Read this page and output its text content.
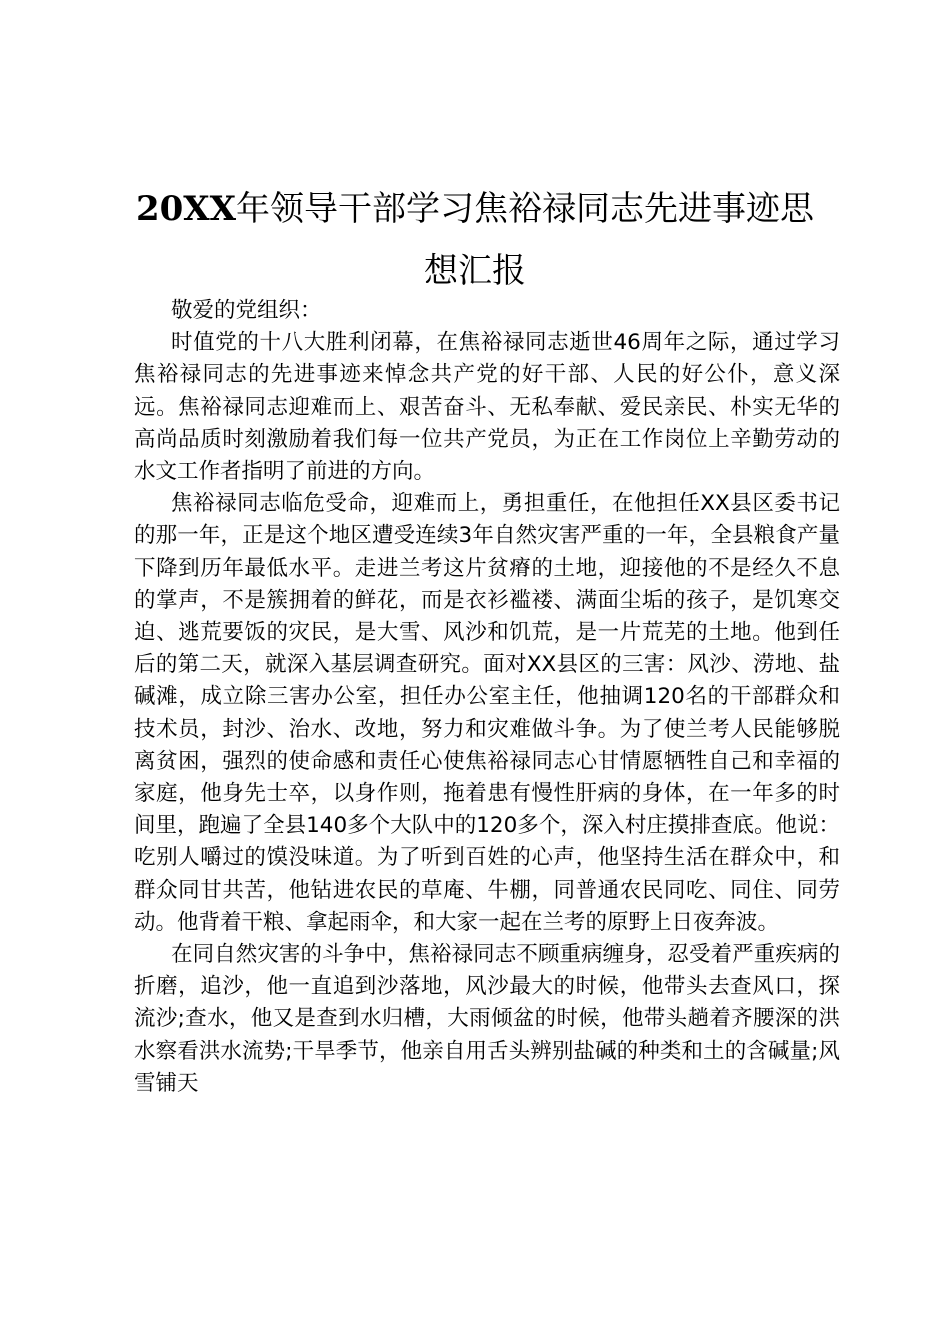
20XX年领导干部学习焦裕禄同志先进事迹思想汇报

敬爱的党组织：

时值党的十八大胜利闭幕，在焦裕禄同志逝世46周年之际，通过学习焦裕禄同志的先进事迹来悼念共产党的好干部、人民的好公仆，意义深远。焦裕禄同志迎难而上、艰苦奋斗、无私奉献、爱民亲民、朴实无华的高尚品质时刻激励着我们每一位共产党员，为正在工作岗位上辛勤劳动的水文工作者指明了前进的方向。

焦裕禄同志临危受命，迎难而上，勇担重任，在他担任XX县区委书记的那一年，正是这个地区遭受连续3年自然灾害严重的一年，全县粮食产量下降到历年最低水平。走进兰考这片贫瘠的土地，迎接他的不是经久不息的掌声，不是簇拥着的鲜花，而是衣衫褴褛、满面尘垢的孩子，是饥寒交迫、逃荒要饭的灾民，是大雪、风沙和饥荒，是一片荒芜的土地。他到任后的第二天，就深入基层调查研究。面对XX县区的三害：风沙、涝地、盐碱滩，成立除三害办公室，担任办公室主任，他抽调120名的干部群众和技术员，封沙、治水、改地，努力和灾难做斗争。为了使兰考人民能够脱离贫困，强烈的使命感和责任心使焦裕禄同志心甘情愿牺牲自己和幸福的家庭，他身先士卒，以身作则，拖着患有慢性肝病的身体，在一年多的时间里，跑遍了全县140多个大队中的120多个，深入村庄摸排查底。他说：吃别人嚼过的馍没味道。为了听到百姓的心声，他坚持生活在群众中，和群众同甘共苦，他钻进农民的草庵、牛棚，同普通农民同吃、同住、同劳动。他背着干粮、拿起雨伞，和大家一起在兰考的原野上日夜奔波。

在同自然灾害的斗争中，焦裕禄同志不顾重病缠身，忍受着严重疾病的折磨，追沙，他一直追到沙落地，风沙最大的时候，他带头去查风口，探流沙;查水，他又是查到水归槽，大雨倾盆的时候，他带头趟着齐腰深的洪水察看洪水流势;干旱季节，他亲自用舌头辨别盐碱的种类和土的含碱量;风雪铺天
